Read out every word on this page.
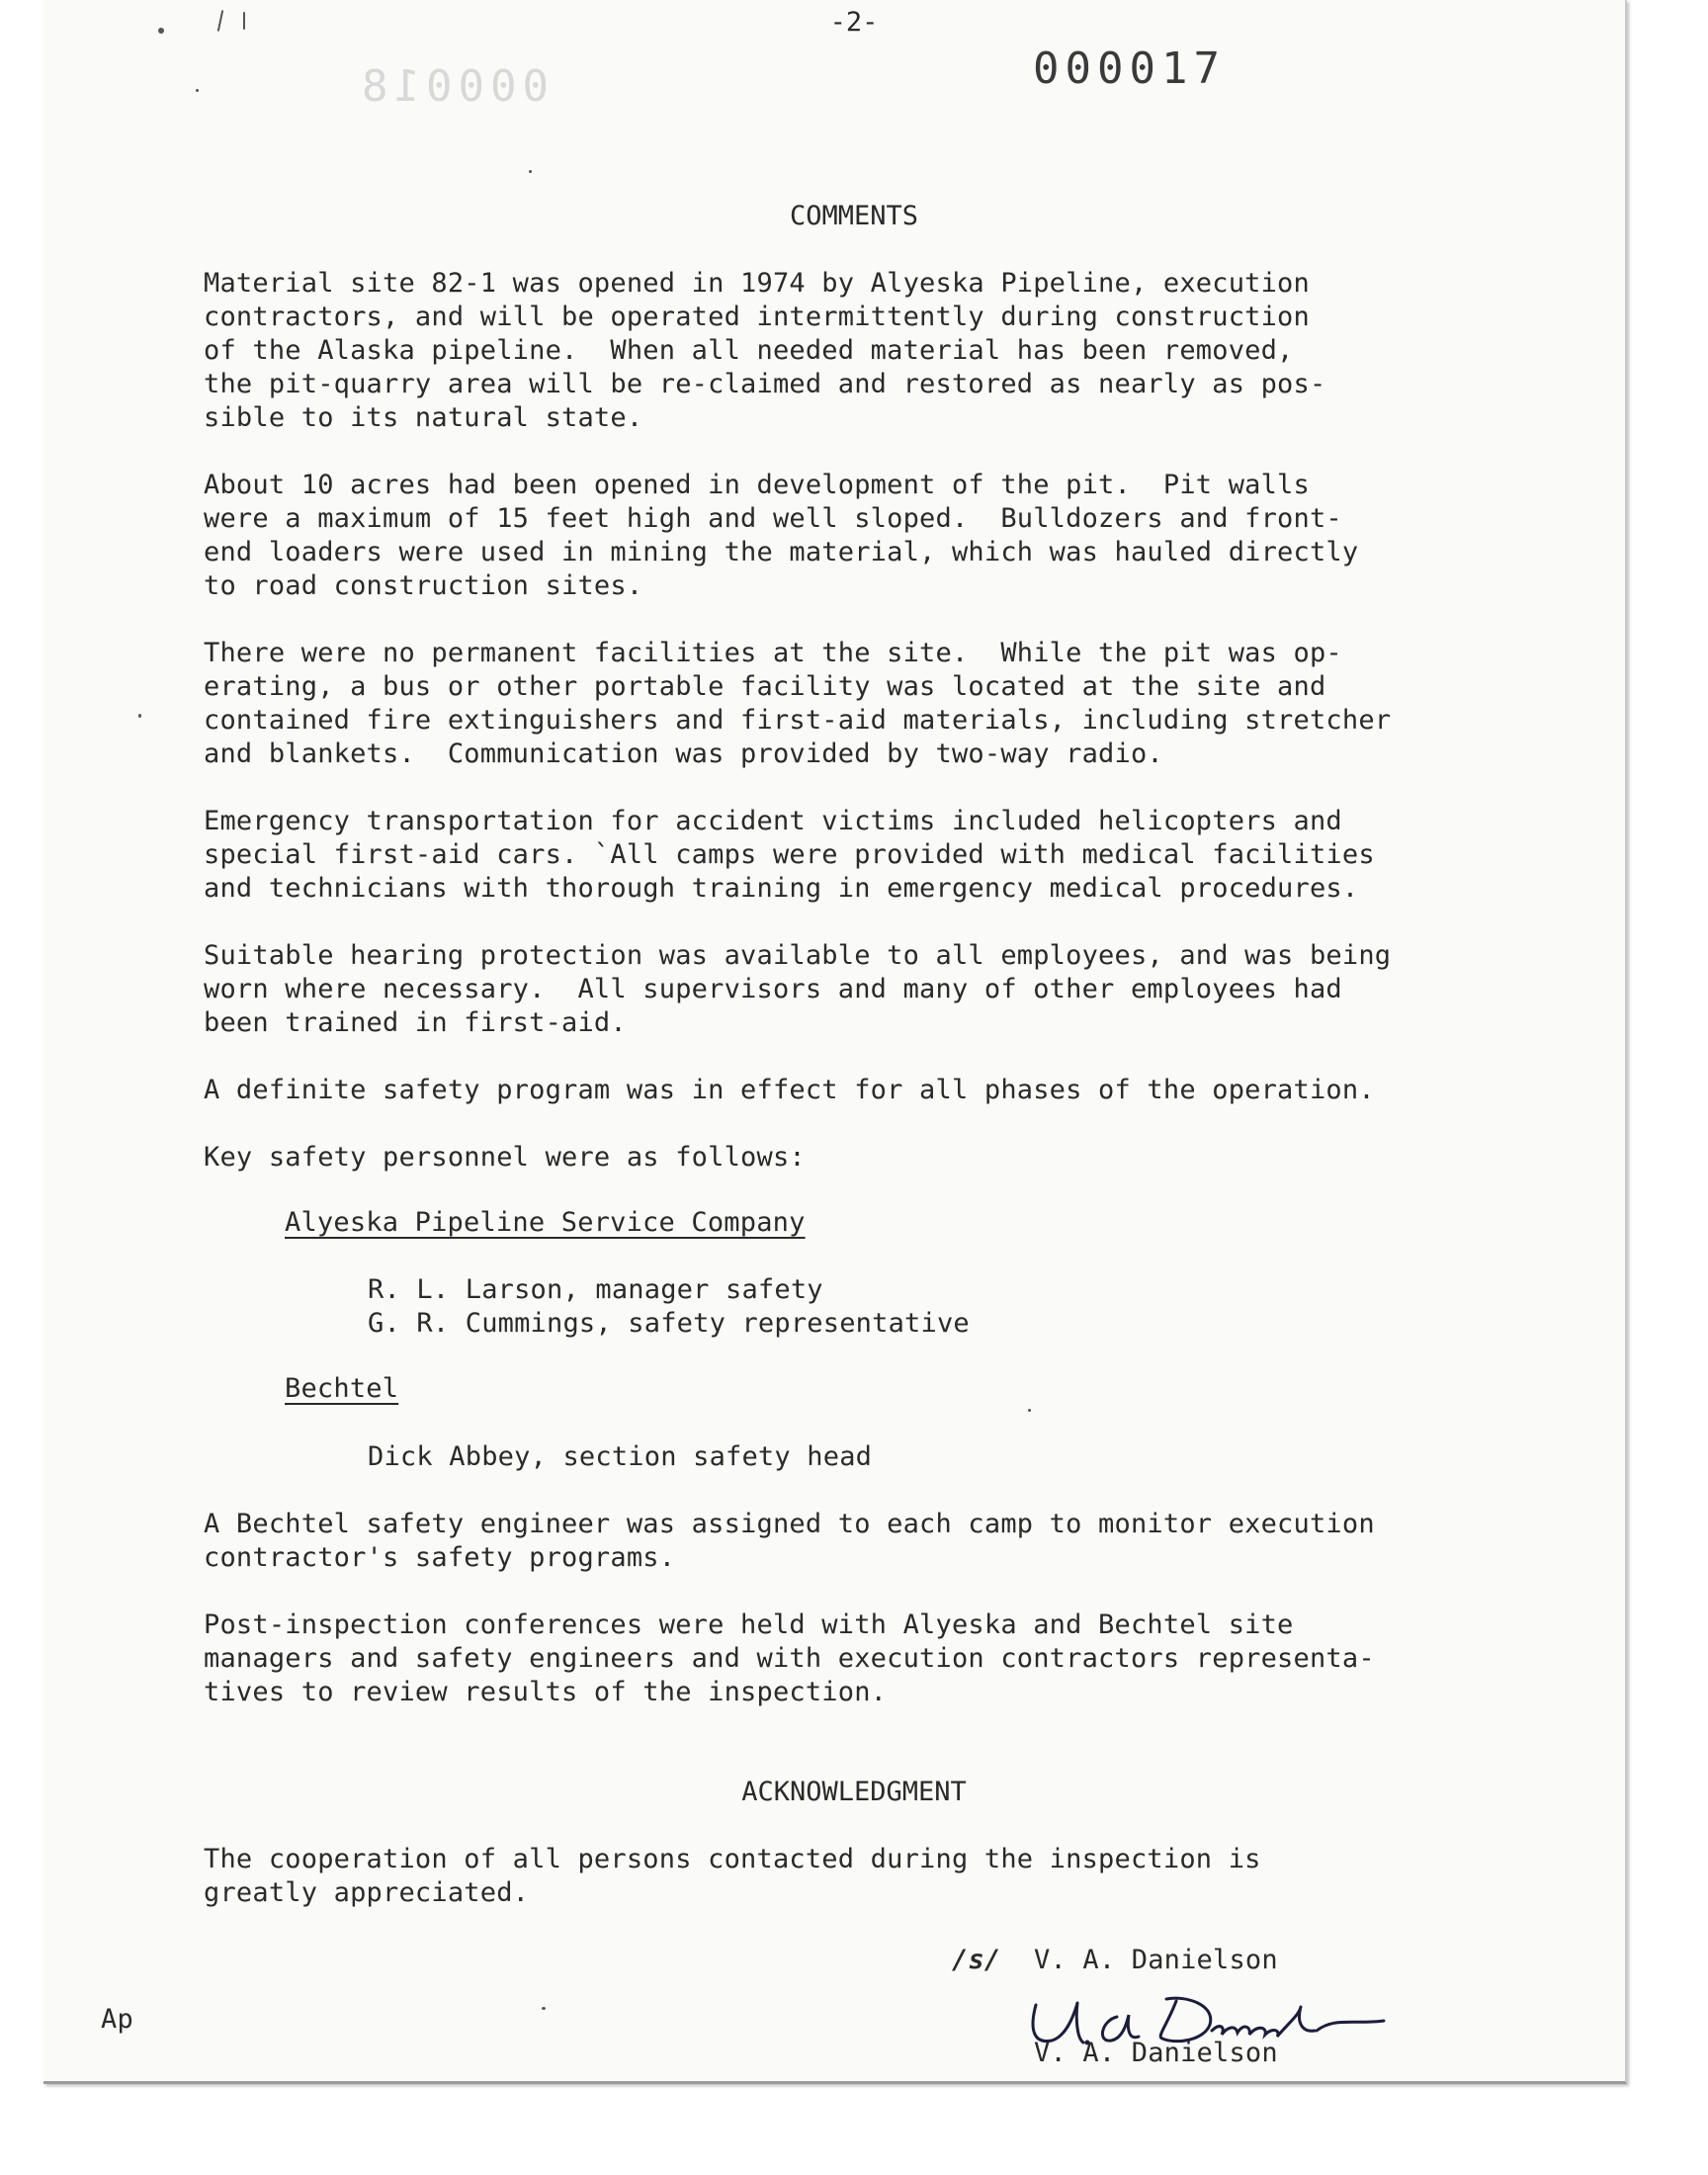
000018
-2-
000017
COMMENTS
Material site 82-1 was opened in 1974 by Alyeska Pipeline, execution
contractors, and will be operated intermittently during construction
of the Alaska pipeline.  When all needed material has been removed,
the pit-quarry area will be re-claimed and restored as nearly as pos-
sible to its natural state.
About 10 acres had been opened in development of the pit.  Pit walls
were a maximum of 15 feet high and well sloped.  Bulldozers and front-
end loaders were used in mining the material, which was hauled directly
to road construction sites.
There were no permanent facilities at the site.  While the pit was op-
erating, a bus or other portable facility was located at the site and
contained fire extinguishers and first-aid materials, including stretcher
and blankets.  Communication was provided by two-way radio.
Emergency transportation for accident victims included helicopters and
special first-aid cars. `All camps were provided with medical facilities
and technicians with thorough training in emergency medical procedures.
Suitable hearing protection was available to all employees, and was being
worn where necessary.  All supervisors and many of other employees had
been trained in first-aid.
A definite safety program was in effect for all phases of the operation.
Key safety personnel were as follows:
Alyeska Pipeline Service Company
R. L. Larson, manager safety
G. R. Cummings, safety representative
Bechtel
Dick Abbey, section safety head
A Bechtel safety engineer was assigned to each camp to monitor execution
contractor's safety programs.
Post-inspection conferences were held with Alyeska and Bechtel site
managers and safety engineers and with execution contractors representa-
tives to review results of the inspection.
ACKNOWLEDGMENT
The cooperation of all persons contacted during the inspection is
greatly appreciated.
/s/ V. A. Danielson
V. A. Danielson
Ap
